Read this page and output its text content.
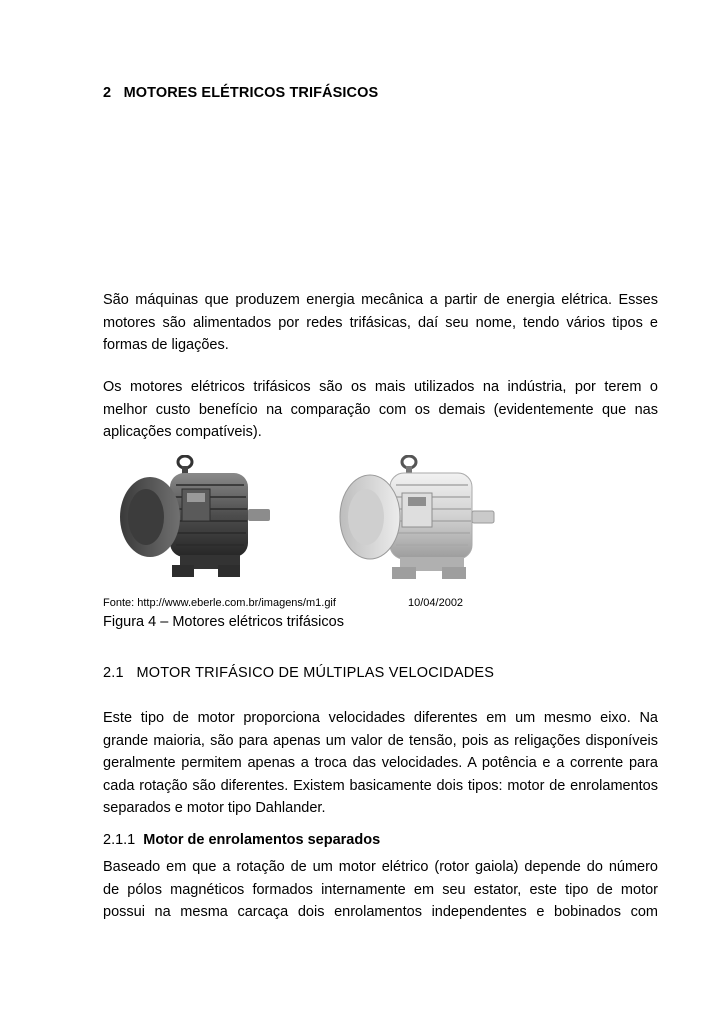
2 MOTORES ELÉTRICOS TRIFÁSICOS
São máquinas que produzem energia mecânica a partir de energia elétrica. Esses
motores são alimentados por redes trifásicas, daí seu nome, tendo vários tipos e
formas de ligações.
Os motores elétricos trifásicos são os mais utilizados na indústria, por terem o
melhor custo benefício na comparação com os demais (evidentemente que nas
aplicações compatíveis).
Fonte: http://www.eberle.com.br/imagens/m1.gif	10/04/2002
Figura 4 – Motores elétricos trifásicos
2.1   MOTOR TRIFÁSICO DE MÚLTIPLAS VELOCIDADES
Este tipo de motor proporciona velocidades diferentes em um mesmo eixo. Na
grande maioria, são para apenas um valor de tensão, pois as religações disponíveis
geralmente permitem apenas a troca das velocidades. A potência e a corrente para
cada rotação são diferentes. Existem basicamente dois tipos: motor de enrolamentos
separados e motor tipo Dahlander.
2.1.1 Motor de enrolamentos separados
Baseado em que a rotação de um motor elétrico (rotor gaiola) depende do número
de pólos magnéticos formados internamente em seu estator, este tipo de motor
possui na mesma carcaça dois enrolamentos independentes e bobinados com
